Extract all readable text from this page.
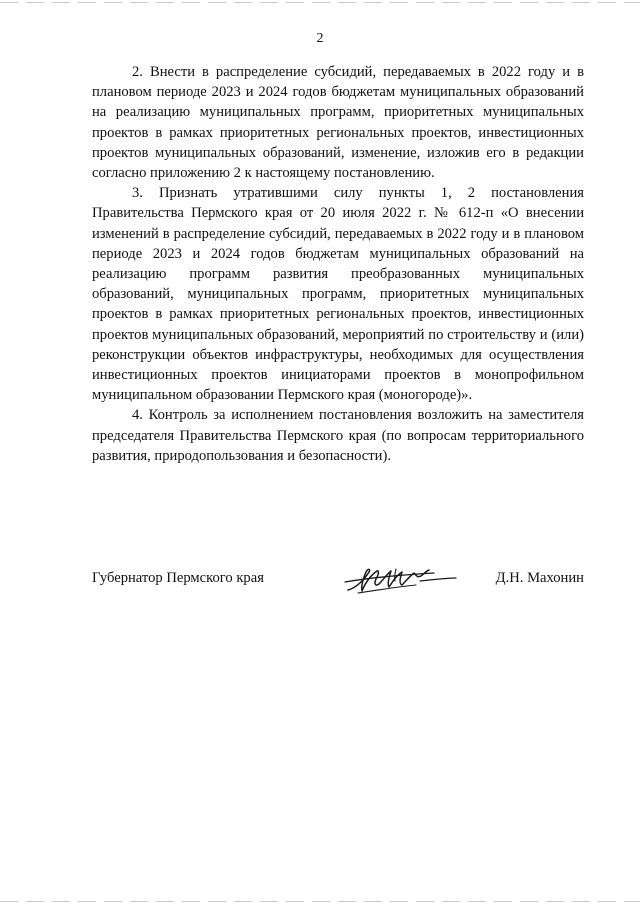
2

2. Внести в распределение субсидий, передаваемых в 2022 году и в плановом периоде 2023 и 2024 годов бюджетам муниципальных образований на реализацию муниципальных программ, приоритетных муниципальных проектов в рамках приоритетных региональных проектов, инвестиционных проектов муниципальных образований, изменение, изложив его в редакции согласно приложению 2 к настоящему постановлению.

3. Признать утратившими силу пункты 1, 2 постановления Правительства Пермского края от 20 июля 2022 г. № 612-п «О внесении изменений в распределение субсидий, передаваемых в 2022 году и в плановом периоде 2023 и 2024 годов бюджетам муниципальных образований на реализацию программ развития преобразованных муниципальных образований, муниципальных программ, приоритетных муниципальных проектов в рамках приоритетных региональных проектов, инвестиционных проектов муниципальных образований, мероприятий по строительству и (или) реконструкции объектов инфраструктуры, необходимых для осуществления инвестиционных проектов инициаторами проектов в монопрофильном муниципальном образовании Пермского края (моногороде)».

4. Контроль за исполнением постановления возложить на заместителя председателя Правительства Пермского края (по вопросам территориального развития, природопользования и безопасности).

Губернатор Пермского края	Д.Н. Махонин
